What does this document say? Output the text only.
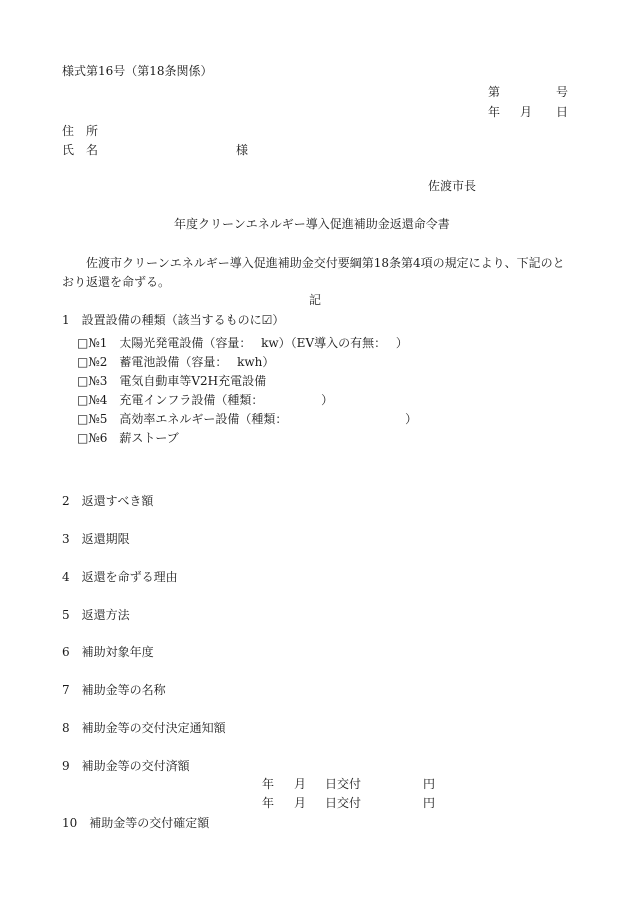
様式第16号（第18条関係）
第	号
年 月 日
住　所
氏　名	様
佐渡市長
年度クリーンエネルギー導入促進補助金返還命令書
佐渡市クリーンエネルギー導入促進補助金交付要綱第18条第4項の規定により、下記のとおり返還を命ずる。
記
1　設置設備の種類（該当するものに☑）
□№1　太陽光発電設備（容量：　 kw）（EV導入の有無：　 ）
□№2　蓄電池設備（容量：　 kwh）
□№3　電気自動車等V2H充電設備
□№4　充電インフラ設備（種類：　　　　　 ）
□№5　高効率エネルギー設備（種類：　　　　　　　　　　 ）
□№6　薪ストーブ
2　返還すべき額
3　返還期限
4　返還を命ずる理由
5　返還方法
6　補助対象年度
7　補助金等の名称
8　補助金等の交付決定通知額
9　補助金等の交付済額
年 月 日交付	円
年 月 日交付	円
10　補助金等の交付確定額
